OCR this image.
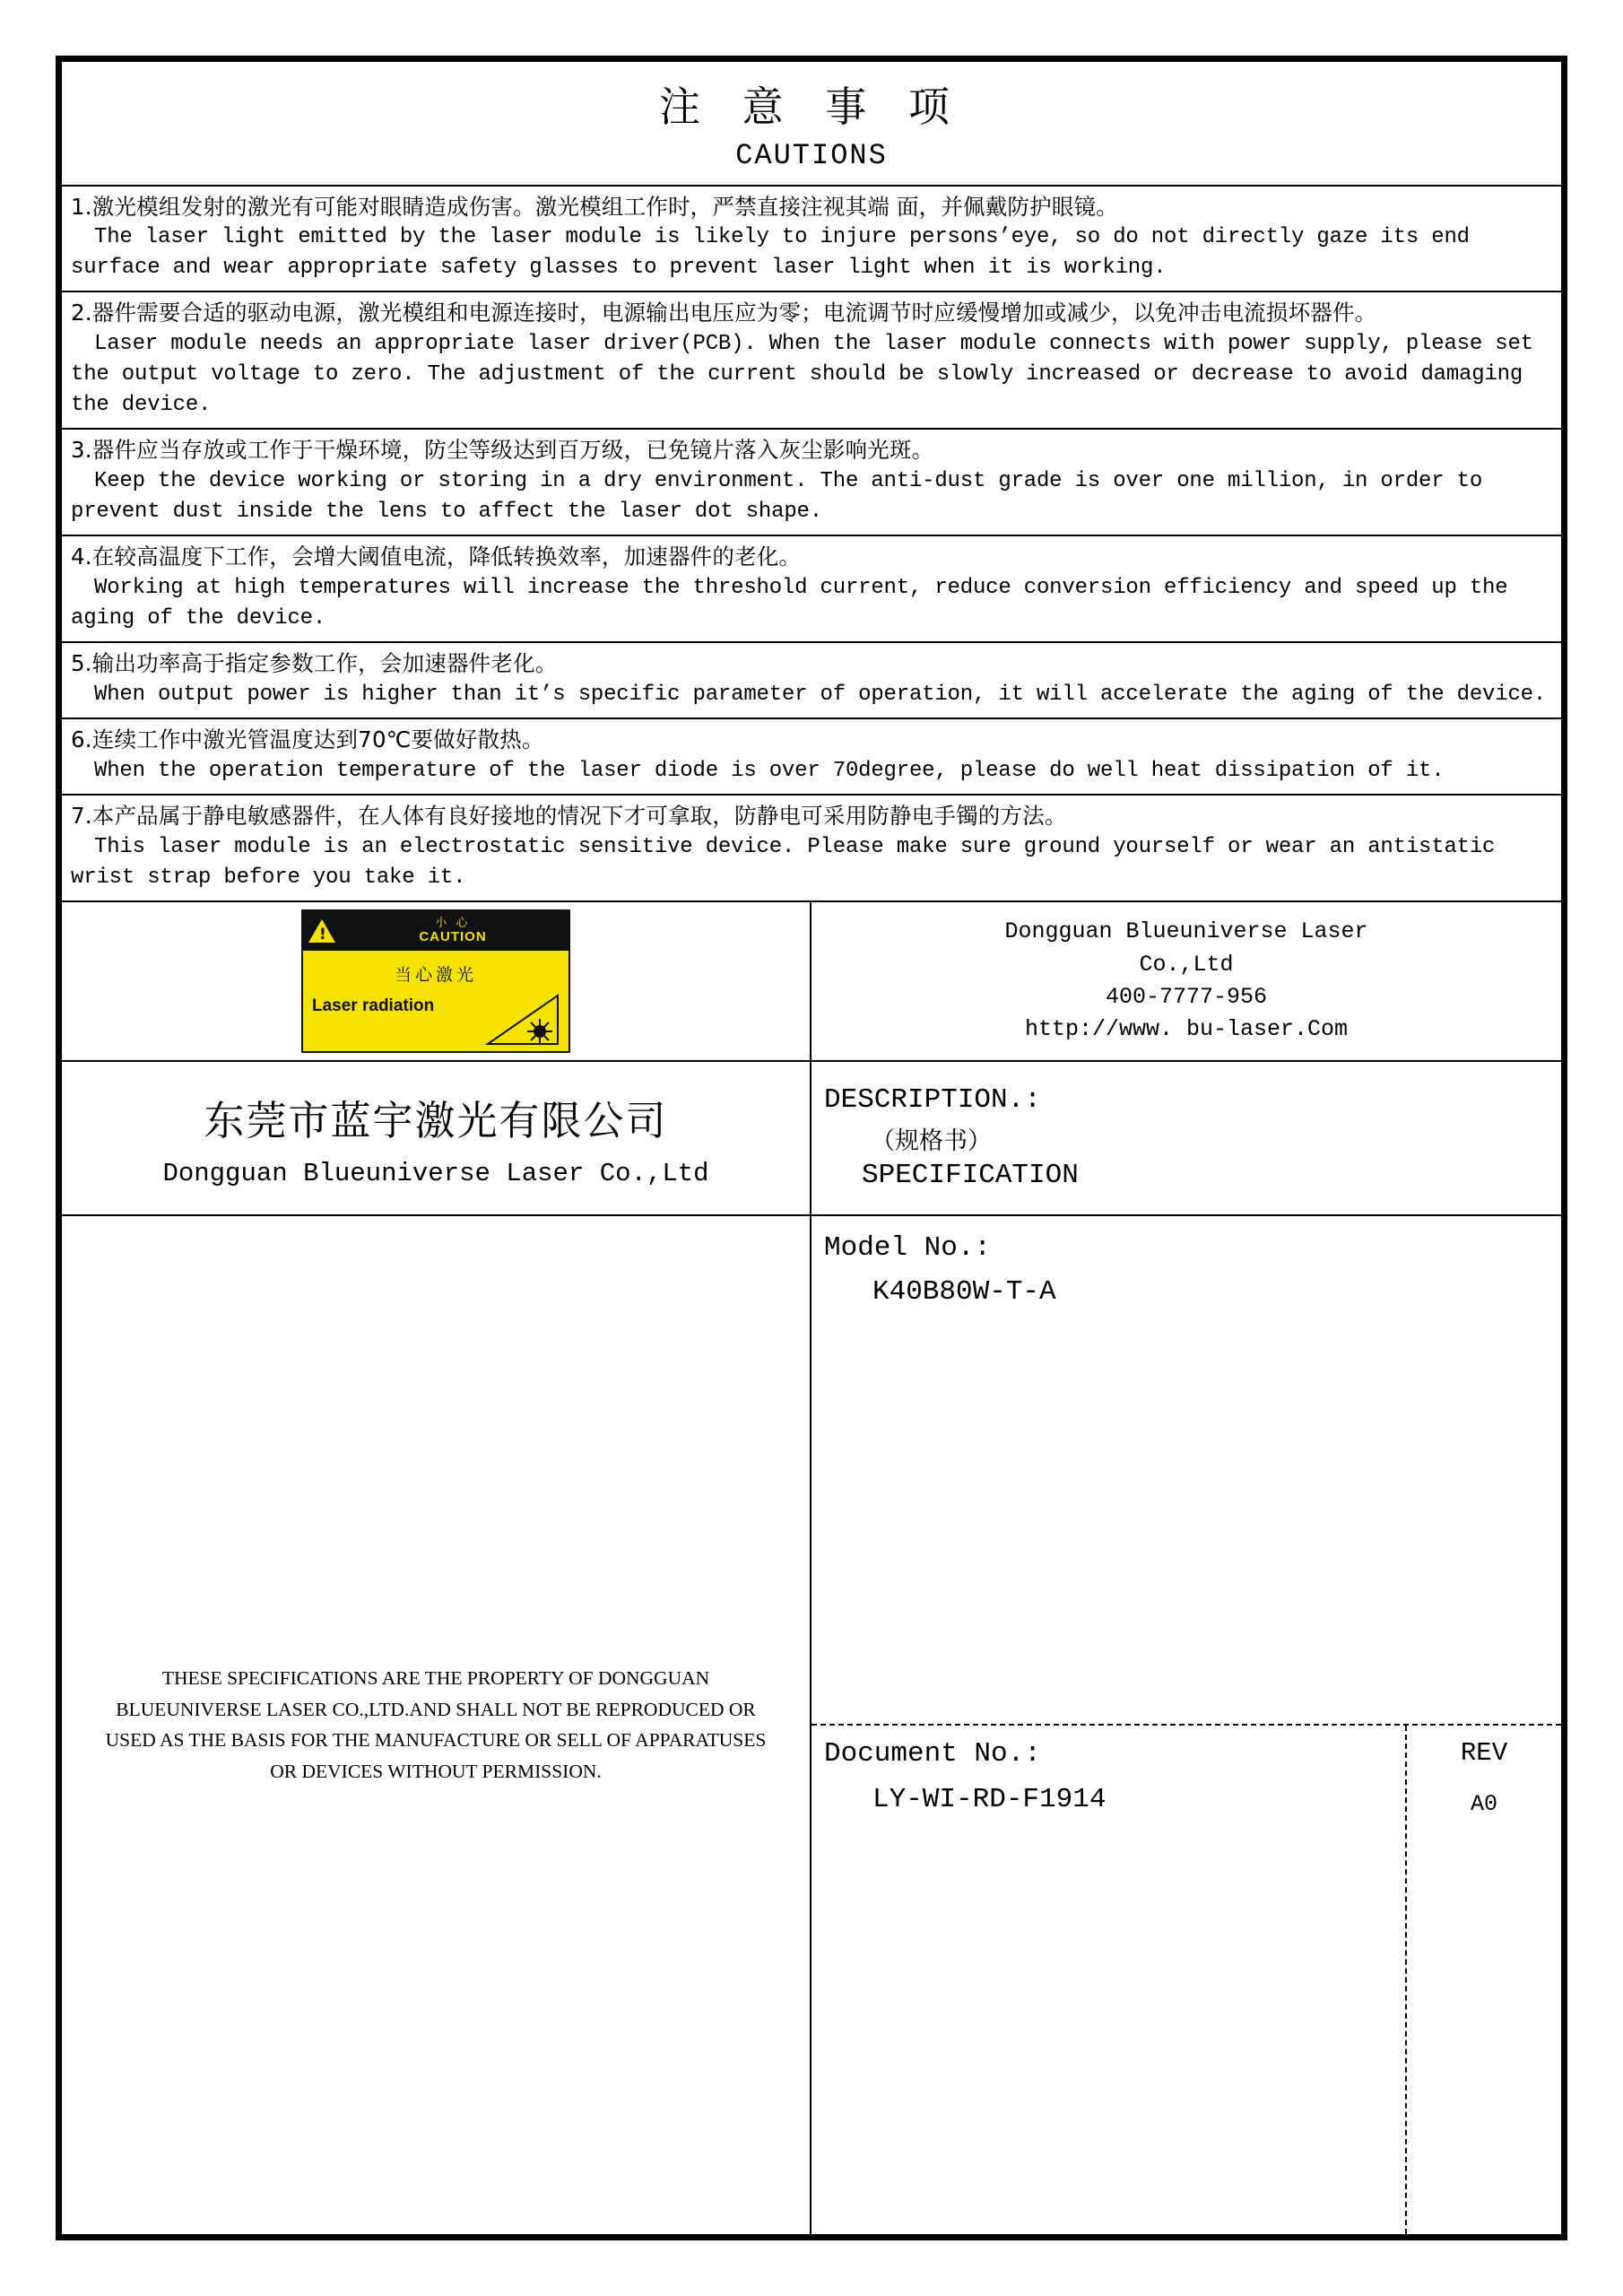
注 意 事 项
CAUTIONS
1.激光模组发射的激光有可能对眼睛造成伤害。激光模组工作时，严禁直接注视其端 面，并佩戴防护眼镜。
The laser light emitted by the laser module is likely to injure persons’eye, so do not directly gaze its end surface and wear appropriate safety glasses to prevent laser light when it is working.
2.器件需要合适的驱动电源，激光模组和电源连接时，电源输出电压应为零；电流调节时应缓慢增加或减少，以免冲击电流损坏器件。
Laser module needs an appropriate laser driver(PCB). When the laser module connects with power supply, please set the output voltage to zero. The adjustment of the current should be slowly increased or decrease to avoid damaging the device.
3.器件应当存放或工作于干燥环境，防尘等级达到百万级，已免镜片落入灰尘影响光斑。
Keep the device working or storing in a dry environment. The anti-dust grade is over one million, in order to prevent dust inside the lens to affect the laser dot shape.
4.在较高温度下工作，会增大阈值电流，降低转换效率，加速器件的老化。
Working at high temperatures will increase the threshold current, reduce conversion efficiency and speed up the aging of the device.
5.输出功率高于指定参数工作，会加速器件老化。
When output power is higher than it’s specific parameter of operation, it will accelerate the aging of the device.
6.连续工作中激光管温度达到70℃要做好散热。
When the operation temperature of the laser diode is over 70degree, please do well heat dissipation of it.
7.本产品属于静电敏感器件，在人体有良好接地的情况下才可拿取，防静电可采用防静电手镯的方法。
This laser module is an electrostatic sensitive device. Please make sure ground yourself or wear an antistatic wrist strap before you take it.
!
小 心
CAUTION
当心激光
Laser radiation
Dongguan Blueuniverse Laser
Co.,Ltd
400-7777-956
http://www. bu-laser.Com
东莞市蓝宇激光有限公司
Dongguan Blueuniverse Laser Co.,Ltd
DESCRIPTION.:
（规格书）
SPECIFICATION
THESE SPECIFICATIONS ARE THE PROPERTY OF DONGGUAN BLUEUNIVERSE LASER CO.,LTD.AND SHALL NOT BE REPRODUCED OR USED AS THE BASIS FOR THE MANUFACTURE OR SELL OF APPARATUSES OR DEVICES WITHOUT PERMISSION.
Model No.:
K40B80W-T-A
Document No.:
LY-WI-RD-F1914
REV
A0
